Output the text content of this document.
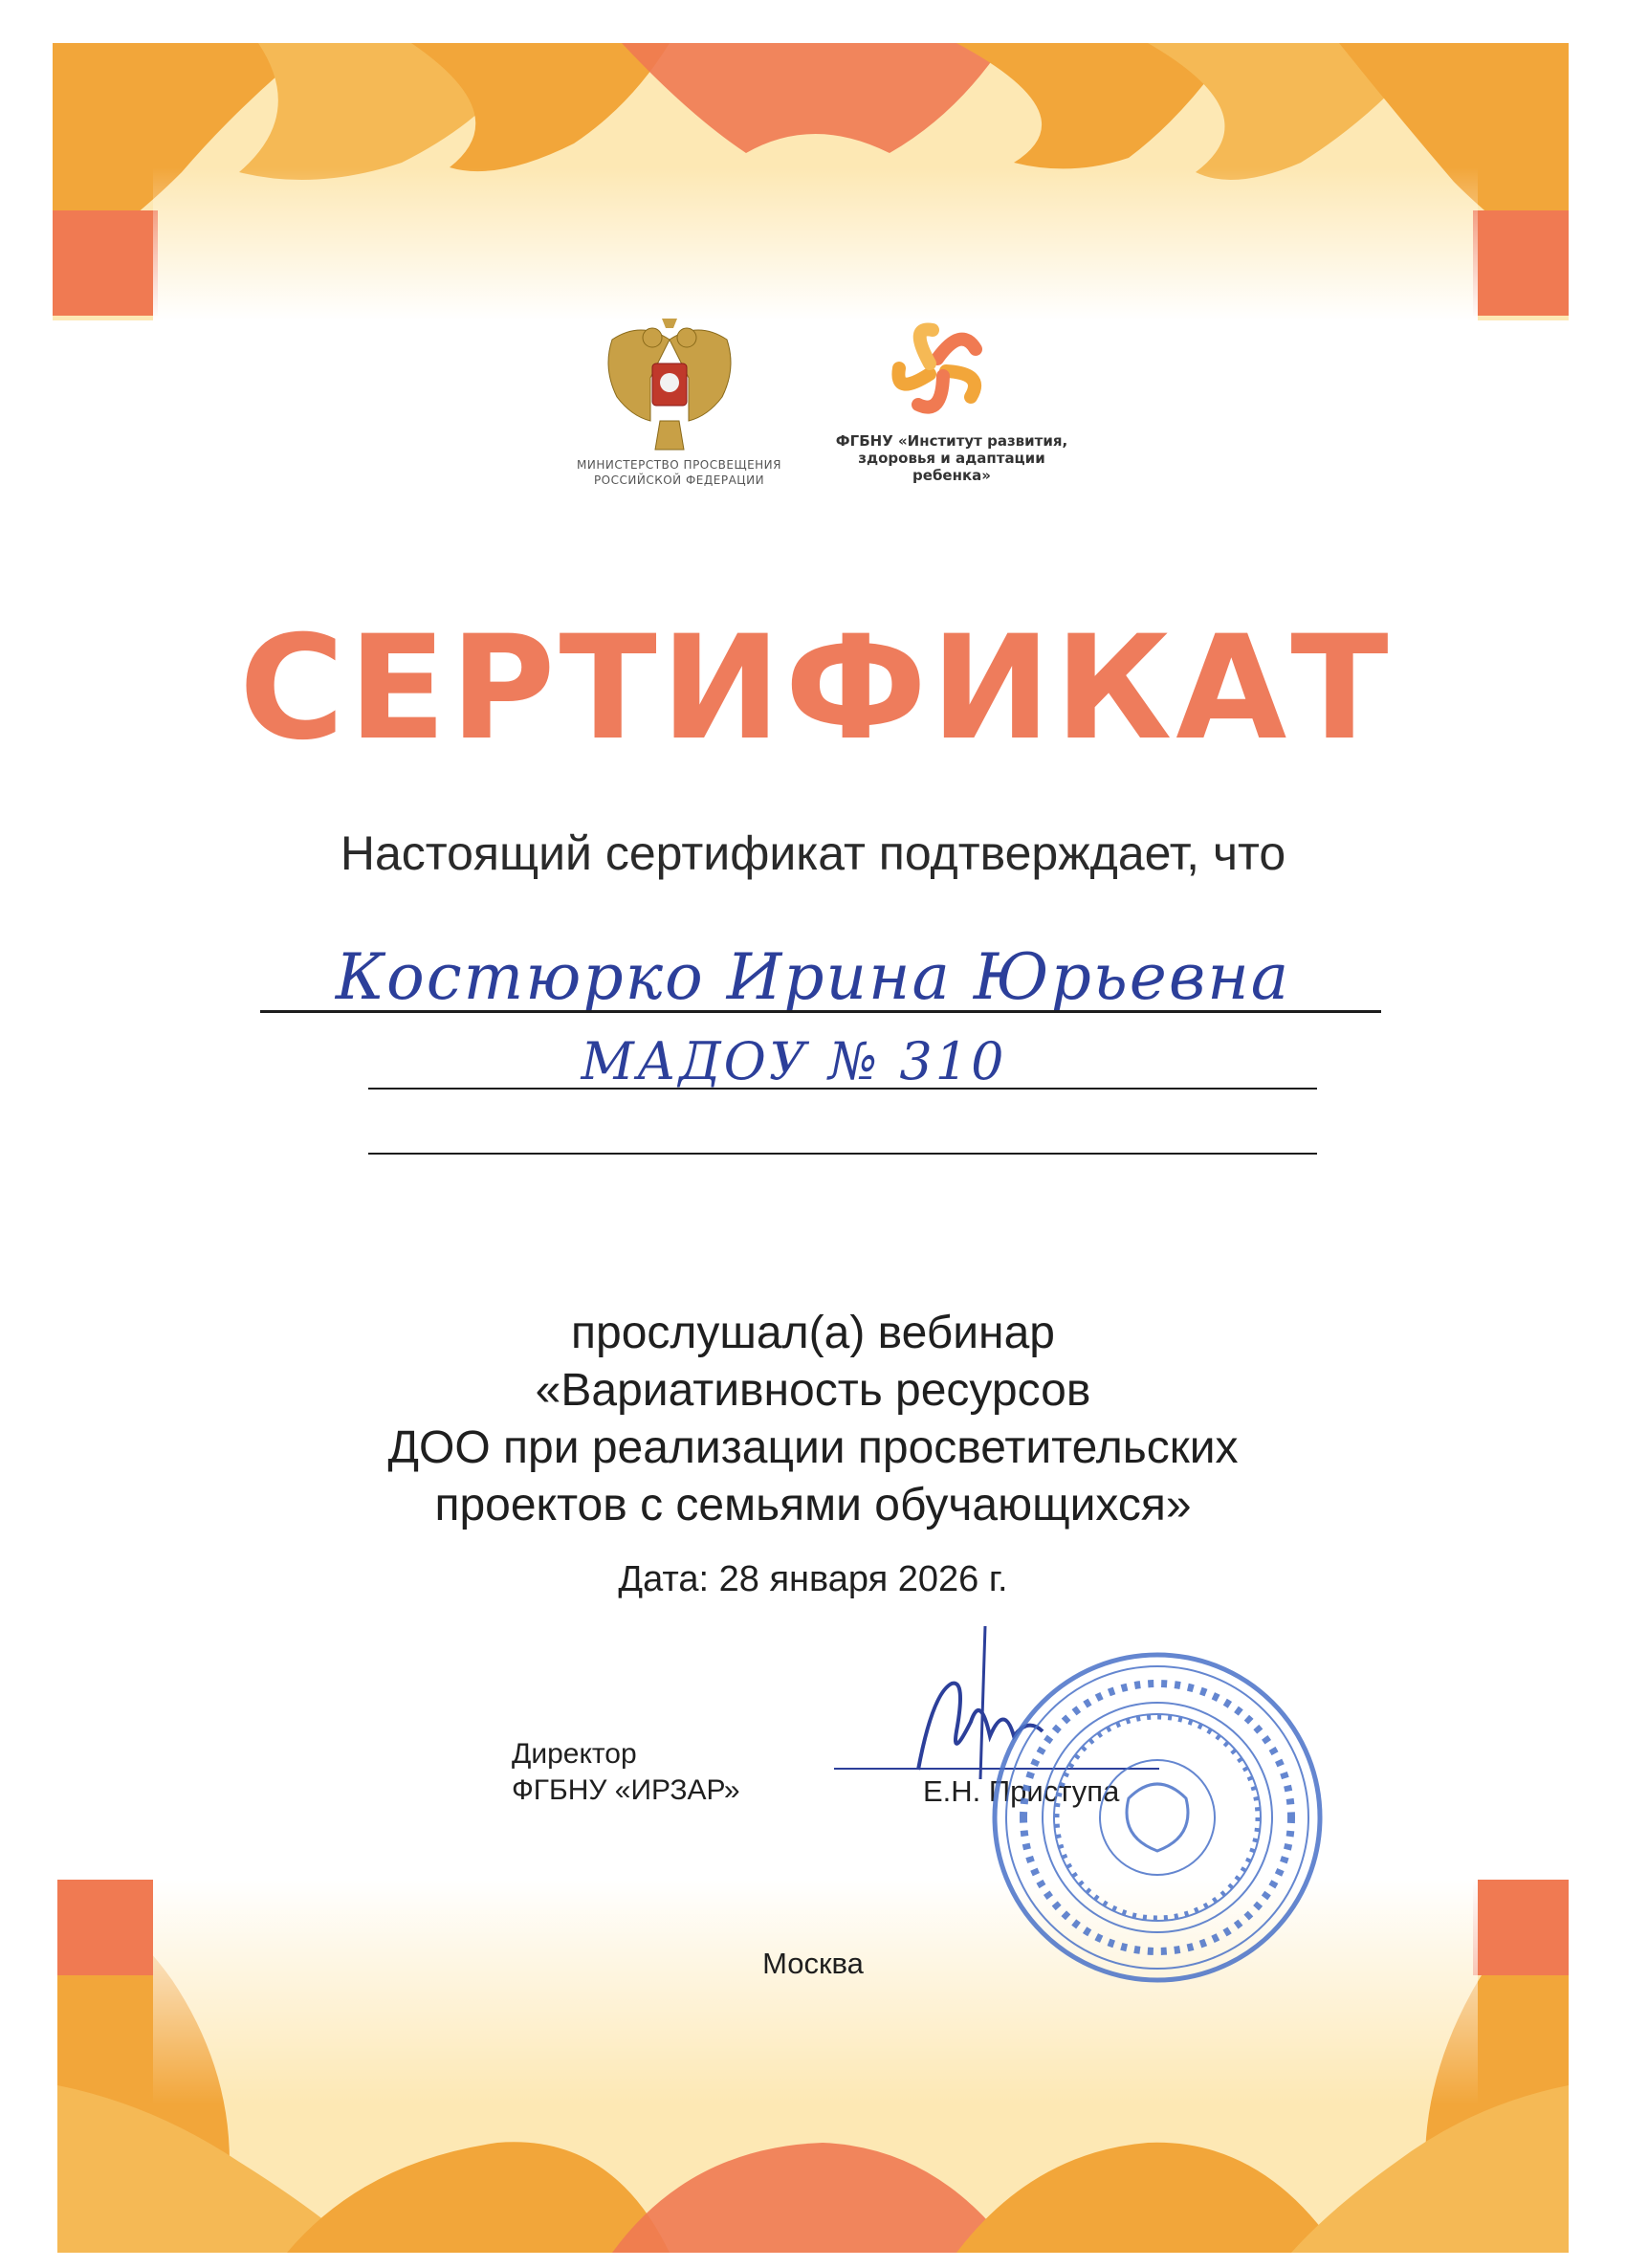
МИНИСТЕРСТВО ПРОСВЕЩЕНИЯ
РОССИЙСКОЙ ФЕДЕРАЦИИ
ФГБНУ «Институт развития,
здоровья и адаптации
ребенка»
СЕРТИФИКАТ
Настоящий сертификат подтверждает, что
Костюрко Ирина Юрьевна
МАДОУ № 310
прослушал(а) вебинар
«Вариативность ресурсов
ДОО при реализации просветительских
проектов с семьями обучающихся»
Дата: 28 января 2026 г.
Директор
ФГБНУ «ИРЗАР»	Е.Н. Приступа
Москва
